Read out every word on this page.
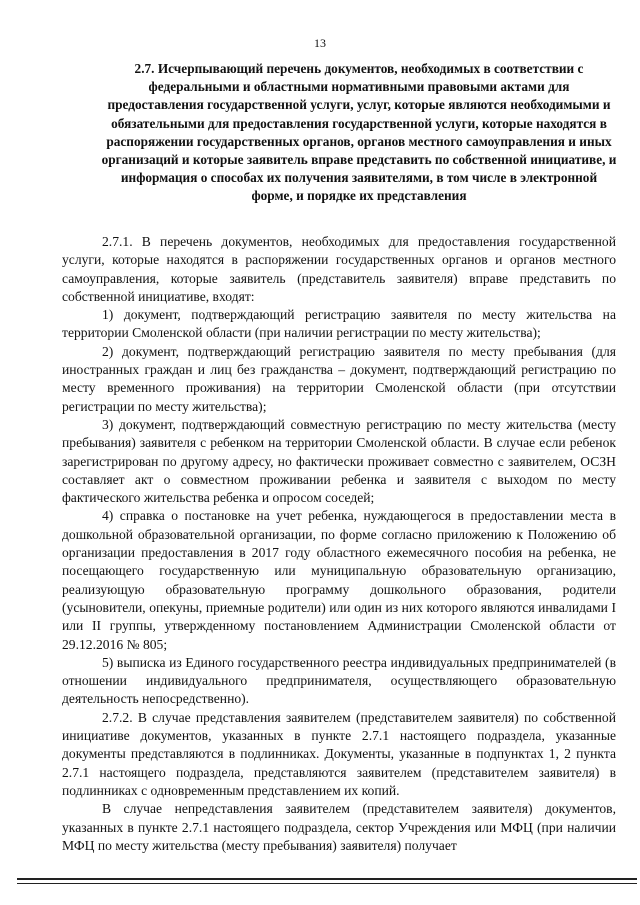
13
2.7. Исчерпывающий перечень документов, необходимых в соответствии с федеральными и областными нормативными правовыми актами для предоставления государственной услуги, услуг, которые являются необходимыми и обязательными для предоставления государственной услуги, которые находятся в распоряжении государственных органов, органов местного самоуправления и иных организаций и которые заявитель вправе представить по собственной инициативе, и информация о способах их получения заявителями, в том числе в электронной форме, и порядке их представления

2.7.1. В перечень документов, необходимых для предоставления государственной услуги, которые находятся в распоряжении государственных органов и органов местного самоуправления, которые заявитель (представитель заявителя) вправе представить по собственной инициативе, входят:

1) документ, подтверждающий регистрацию заявителя по месту жительства на территории Смоленской области (при наличии регистрации по месту жительства);

2) документ, подтверждающий регистрацию заявителя по месту пребывания (для иностранных граждан и лиц без гражданства – документ, подтверждающий регистрацию по месту временного проживания) на территории Смоленской области (при отсутствии регистрации по месту жительства);

3) документ, подтверждающий совместную регистрацию по месту жительства (месту пребывания) заявителя с ребенком на территории Смоленской области. В случае если ребенок зарегистрирован по другому адресу, но фактически проживает совместно с заявителем, ОСЗН составляет акт о совместном проживании ребенка и заявителя с выходом по месту фактического жительства ребенка и опросом соседей;

4) справка о постановке на учет ребенка, нуждающегося в предоставлении места в дошкольной образовательной организации, по форме согласно приложению к Положению об организации предоставления в 2017 году областного ежемесячного пособия на ребенка, не посещающего государственную или муниципальную образовательную организацию, реализующую образовательную программу дошкольного образования, родители (усыновители, опекуны, приемные родители) или один из них которого являются инвалидами I или II группы, утвержденному постановлением Администрации Смоленской области от 29.12.2016 № 805;

5) выписка из Единого государственного реестра индивидуальных предпринимателей (в отношении индивидуального предпринимателя, осуществляющего образовательную деятельность непосредственно).

2.7.2. В случае представления заявителем (представителем заявителя) по собственной инициативе документов, указанных в пункте 2.7.1 настоящего подраздела, указанные документы представляются в подлинниках. Документы, указанные в подпунктах 1, 2 пункта 2.7.1 настоящего подраздела, представляются заявителем (представителем заявителя) в подлинниках с одновременным представлением их копий.

В случае непредставления заявителем (представителем заявителя) документов, указанных в пункте 2.7.1 настоящего подраздела, сектор Учреждения или МФЦ (при наличии МФЦ по месту жительства (месту пребывания) заявителя) получает
